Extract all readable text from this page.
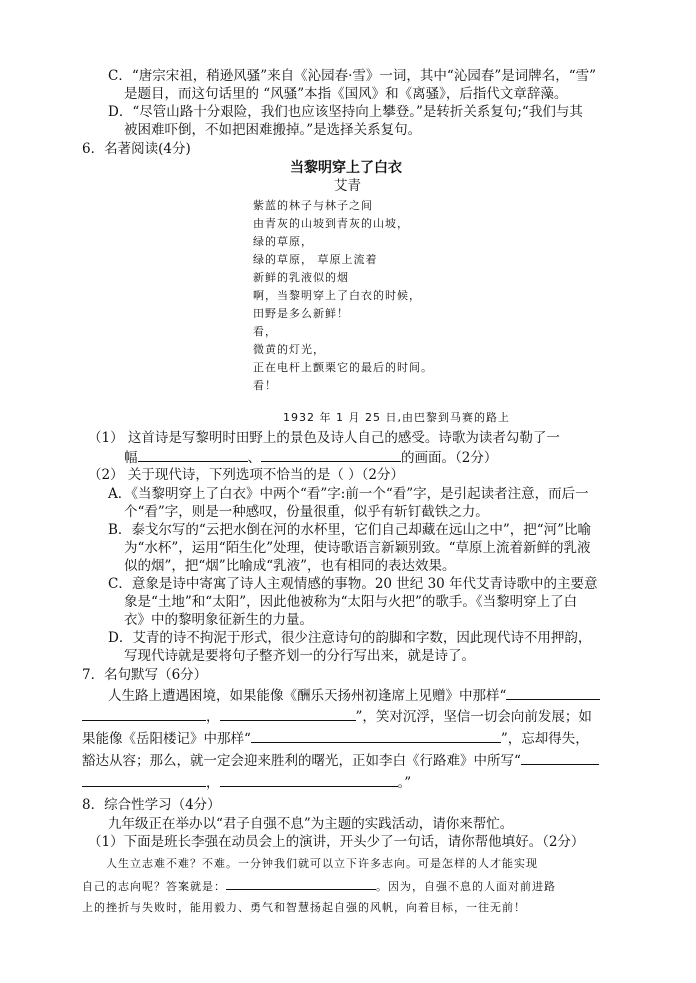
C．“唐宗宋祖，稍逊风骚”来自《沁园春·雪》一词，其中“沁园春”是词牌名，“雪”
是题目，而这句话里的 “风骚”本指《国风》和《离骚》，后指代文章辞藻。
D．“尽管山路十分艰险，我们也应该坚持向上攀登。”是转折关系复句;“我们与其
被困难吓倒，不如把困难搬掉。”是选择关系复句。
6．名著阅读(4分)
当黎明穿上了白衣
艾青
紫蓝的林子与林子之间
由青灰的山坡到青灰的山坡，
绿的草原，
绿的草原， 草原上流着
新鲜的乳液似的烟
啊，当黎明穿上了白衣的时候，
田野是多么新鲜！
看，
微黄的灯光，
正在电杆上颤栗它的最后的时间。
看！
1932 年 1 月 25 日,由巴黎到马赛的路上
（1） 这首诗是写黎明时田野上的景色及诗人自己的感受。诗歌为读者勾勒了一
幅	、	的画面。（2分）
（2） 关于现代诗，下列选项不恰当的是（ ）（2分）
A．《当黎明穿上了白衣》中两个“看”字:前一个“看”字，是引起读者注意，而后一
个“看”字，则是一种感叹，份量很重，似乎有斩钉截铁之力。
B．泰戈尔写的“云把水倒在河的水杯里，它们自己却藏在远山之中”，把“河”比喻
为“水杯”，运用“陌生化”处理，使诗歌语言新颖别致。“草原上流着新鲜的乳液
似的烟”，把“烟”比喻成“乳液”，也有相同的表达效果。
C．意象是诗中寄寓了诗人主观情感的事物。20 世纪 30 年代艾青诗歌中的主要意
象是“土地”和“太阳”，因此他被称为“太阳与火把”的歌手。《当黎明穿上了白
衣》中的黎明象征新生的力量。
D．艾青的诗不拘泥于形式，很少注意诗句的韵脚和字数，因此现代诗不用押韵，
写现代诗就是要将句子整齐划一的分行写出来，就是诗了。
7．名句默写（6分）
人生路上遭遇困境，如果能像《酬乐天扬州初逢席上见赠》中那样“
，	”，笑对沉浮，坚信一切会向前发展；如
果能像《岳阳楼记》中那样“	”，忘却得失，
豁达从容；那么，就一定会迎来胜利的曙光，正如李白《行路难》中所写“
，	。”
8．综合性学习（4分）
九年级正在举办以“君子自强不息”为主题的实践活动，请你来帮忙。
（1）下面是班长李强在动员会上的演讲，开头少了一句话，请你帮他填好。（2分）
人生立志难不难？不难。一分钟我们就可以立下许多志向。可是怎样的人才能实现
自己的志向呢？答案就是：	。因为，自强不息的人面对前进路
上的挫折与失败时，能用毅力、勇气和智慧扬起自强的风帆，向着目标，一往无前！
